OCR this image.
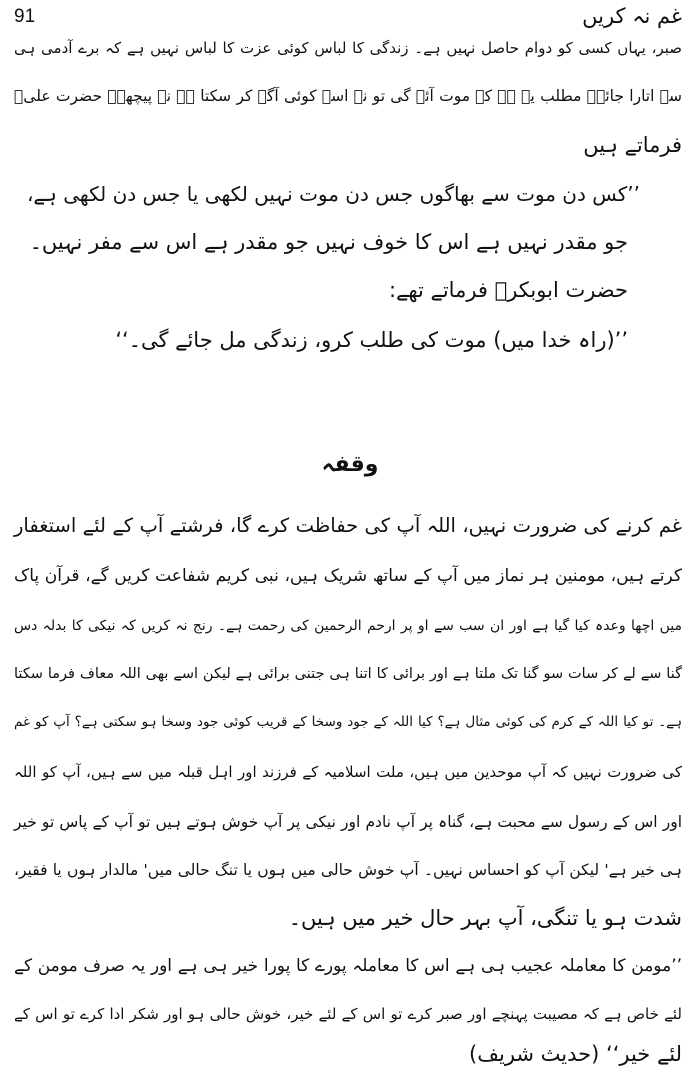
91	غم نہ کریں
صبر، یہاں کسی کو دوام حاصل نہیں ہے۔ زندگی کا لباس کوئی عزت کا لباس نہیں ہے کہ برے آدمی ہی
سے اتارا جائے۔ مطلب یہ ہے کہ موت آئے گی تو نہ اسے کوئی آگے کر سکتا ہے نہ پیچھے۔ حضرت علیؓ
فرماتے ہیں
’’کس دن موت سے بھاگوں جس دن موت نہیں لکھی یا جس دن لکھی ہے،
جو مقدر نہیں ہے اس کا خوف نہیں جو مقدر ہے اس سے مفر نہیں۔
حضرت ابوبکرؓ فرماتے تھے:
’’(راہ خدا میں) موت کی طلب کرو، زندگی مل جائے گی۔‘‘
وقفہ
غم کرنے کی ضرورت نہیں، اللہ آپ کی حفاظت کرے گا، فرشتے آپ کے لئے استغفار
کرتے ہیں، مومنین ہر نماز میں آپ کے ساتھ شریک ہیں، نبی کریم شفاعت کریں گے، قرآن پاک
میں اچھا وعدہ کیا گیا ہے اور ان سب سے او پر ارحم الرحمین کی رحمت ہے۔ رنج نہ کریں کہ نیکی کا بدلہ دس
گنا سے لے کر سات سو گنا تک ملتا ہے اور برائی کا اتنا ہی جتنی برائی ہے لیکن اسے بھی اللہ معاف فرما سکتا
ہے۔ تو کیا اللہ کے کرم کی کوئی مثال ہے؟ کیا اللہ کے جود وسخا کے قریب کوئی جود وسخا ہو سکتی ہے؟ آپ کو غم
کی ضرورت نہیں کہ آپ موحدین میں ہیں، ملت اسلامیہ کے فرزند اور اہل قبلہ میں سے ہیں، آپ کو اللہ
اور اس کے رسول سے محبت ہے، گناہ پر آپ نادم اور نیکی پر آپ خوش ہوتے ہیں تو آپ کے پاس تو خیر
ہی خیر ہے' لیکن آپ کو احساس نہیں۔ آپ خوش حالی میں ہوں یا تنگ حالی میں' مالدار ہوں یا فقیر،
شدت ہو یا تنگی، آپ بہر حال خیر میں ہیں۔
’’مومن کا معاملہ عجیب ہی ہے اس کا معاملہ پورے کا پورا خیر ہی ہے اور یہ صرف مومن کے
لئے خاص ہے کہ مصیبت پہنچے اور صبر کرے تو اس کے لئے خیر، خوش حالی ہو اور شکر ادا کرے تو اس کے
لئے خیر‘‘ (حدیث شریف)
